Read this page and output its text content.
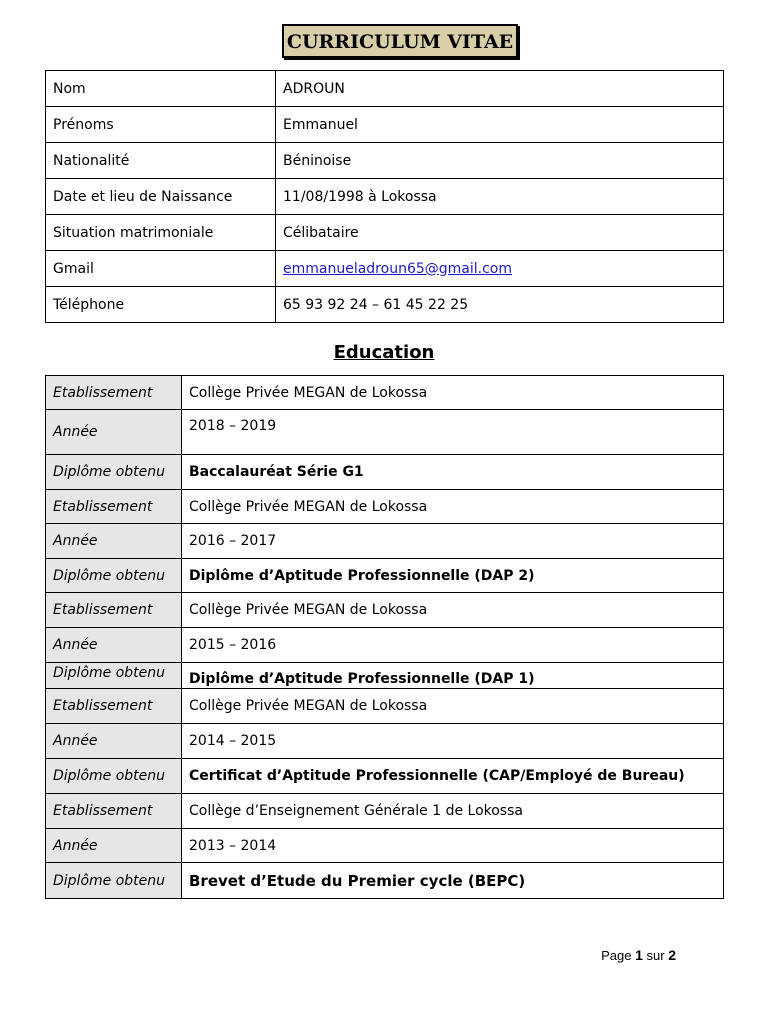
CURRICULUM VITAE
Nom	ADROUN
Prénoms	Emmanuel
Nationalité	Béninoise
Date et lieu de Naissance	11/08/1998 à Lokossa
Situation matrimoniale	Célibataire
Gmail	emmanueladroun65@gmail.com
Téléphone	65 93 92 24 – 61 45 22 25
Education
Etablissement	Collège Privée MEGAN de Lokossa
Année	2018 – 2019
Diplôme obtenu	Baccalauréat Série G1
Etablissement	Collège Privée MEGAN de Lokossa
Année	2016 – 2017
Diplôme obtenu	Diplôme d’Aptitude Professionnelle (DAP 2)
Etablissement	Collège Privée MEGAN de Lokossa
Année	2015 – 2016
Diplôme obtenu	Diplôme d’Aptitude Professionnelle (DAP 1)
Etablissement	Collège Privée MEGAN de Lokossa
Année	2014 – 2015
Diplôme obtenu	Certificat d’Aptitude Professionnelle (CAP/Employé de Bureau)
Etablissement	Collège d’Enseignement Générale 1 de Lokossa
Année	2013 – 2014
Diplôme obtenu	Brevet d’Etude du Premier cycle (BEPC)
Page 1 sur 2
